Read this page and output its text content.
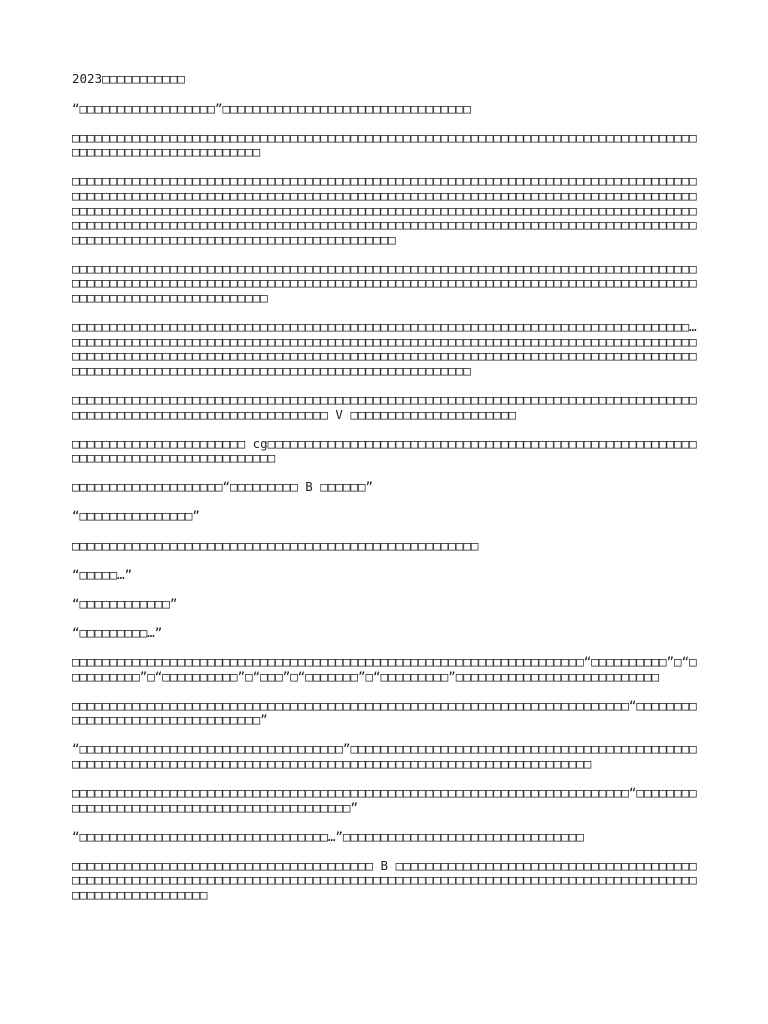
2023□□□□□□□□□□□

“□□□□□□□□□□□□□□□□□□”□□□□□□□□□□□□□□□□□□□□□□□□□□□□□□□□□

□□□□□□□□□□□□□□□□□□□□□□□□□□□□□□□□□□□□□□□□□□□□□□□□□□□□□□□□□□□□□□□□□□□□□□□□□□□□□□□□□□□□□□□□□□□□□□□□□□□□□□□□□□□□

□□□□□□□□□□□□□□□□□□□□□□□□□□□□□□□□□□□□□□□□□□□□□□□□□□□□□□□□□□□□□□□□□□□□□□□□□□□□□□□□□□□□□□□□□□□□□□□□□□□□□□□□□□□□□□□□□□□□□□□□□□□□□□□□□□□□□□□□□□□□□□□□□□□□□□□□□□□□□□□□□□□□□□□□□□□□□□□□□□□□□□□□□□□□□□□□□□□□□□□□□□□□□□□□□□□□□□□□□□□□□□□□□□□□□□□□□□□□□□□□□□□□□□□□□□□□□□□□□□□□□□□□□□□□□□□□□□□□□□□□□□□□□□□□□□□□□□□□□□□□□□□□□□□□□□□□□□□□□□□□□□□□□□□□□□□□□□□□□□□□□□□□□□□□□□□□□□□□□□□□□□□□□□□□□□□□□□□

□□□□□□□□□□□□□□□□□□□□□□□□□□□□□□□□□□□□□□□□□□□□□□□□□□□□□□□□□□□□□□□□□□□□□□□□□□□□□□□□□□□□□□□□□□□□□□□□□□□□□□□□□□□□□□□□□□□□□□□□□□□□□□□□□□□□□□□□□□□□□□□□□□□□□□□□□□□□□□□□□□□□□□□□□□□□□□□□□□□□□□□□□□□□□□□□

□□□□□□□□□□□□□□□□□□□□□□□□□□□□□□□□□□□□□□□□□□□□□□□□□□□□□□□□□□□□□□□□□□□□□□□□□□□□□□□□□□…□□□□□□□□□□□□□□□□□□□□□□□□□□□□□□□□□□□□□□□□□□□□□□□□□□□□□□□□□□□□□□□□□□□□□□□□□□□□□□□□□□□□□□□□□□□□□□□□□□□□□□□□□□□□□□□□□□□□□□□□□□□□□□□□□□□□□□□□□□□□□□□□□□□□□□□□□□□□□□□□□□□□□□□□□□□□□□□□□□□□□□□□□□□□□□□□□□□□□□□□□□□□□□□□□□□□□□□□□□□

□□□□□□□□□□□□□□□□□□□□□□□□□□□□□□□□□□□□□□□□□□□□□□□□□□□□□□□□□□□□□□□□□□□□□□□□□□□□□□□□□□□□□□□□□□□□□□□□□□□□□□□□□□□□□□□□□□□□□ V □□□□□□□□□□□□□□□□□□□□□□

□□□□□□□□□□□□□□□□□□□□□□□ cg□□□□□□□□□□□□□□□□□□□□□□□□□□□□□□□□□□□□□□□□□□□□□□□□□□□□□□□□□□□□□□□□□□□□□□□□□□□□□□□□□□□□

□□□□□□□□□□□□□□□□□□□□“□□□□□□□□□ B □□□□□□”

“□□□□□□□□□□□□□□□”

□□□□□□□□□□□□□□□□□□□□□□□□□□□□□□□□□□□□□□□□□□□□□□□□□□□□□□

“□□□□□…”

“□□□□□□□□□□□□”

“□□□□□□□□□…”

□□□□□□□□□□□□□□□□□□□□□□□□□□□□□□□□□□□□□□□□□□□□□□□□□□□□□□□□□□□□□□□□□□□□“□□□□□□□□□□”□“□□□□□□□□□□”□“□□□□□□□□□□”□“□□□”□“□□□□□□□”□“□□□□□□□□□”□□□□□□□□□□□□□□□□□□□□□□□□□□□

□□□□□□□□□□□□□□□□□□□□□□□□□□□□□□□□□□□□□□□□□□□□□□□□□□□□□□□□□□□□□□□□□□□□□□□□□□“□□□□□□□□□□□□□□□□□□□□□□□□□□□□□□□□□”

“□□□□□□□□□□□□□□□□□□□□□□□□□□□□□□□□□□□”□□□□□□□□□□□□□□□□□□□□□□□□□□□□□□□□□□□□□□□□□□□□□□□□□□□□□□□□□□□□□□□□□□□□□□□□□□□□□□□□□□□□□□□□□□□□□□□□□□□□□□□□□□□□□□□□□□□

□□□□□□□□□□□□□□□□□□□□□□□□□□□□□□□□□□□□□□□□□□□□□□□□□□□□□□□□□□□□□□□□□□□□□□□□□□“□□□□□□□□□□□□□□□□□□□□□□□□□□□□□□□□□□□□□□□□□□□□□”

“□□□□□□□□□□□□□□□□□□□□□□□□□□□□□□□□□…”□□□□□□□□□□□□□□□□□□□□□□□□□□□□□□□□

□□□□□□□□□□□□□□□□□□□□□□□□□□□□□□□□□□□□□□□□ B □□□□□□□□□□□□□□□□□□□□□□□□□□□□□□□□□□□□□□□□□□□□□□□□□□□□□□□□□□□□□□□□□□□□□□□□□□□□□□□□□□□□□□□□□□□□□□□□□□□□□□□□□□□□□□□□□□□□□□□□□□□□□□□□□□□□□□□□□□□□□
